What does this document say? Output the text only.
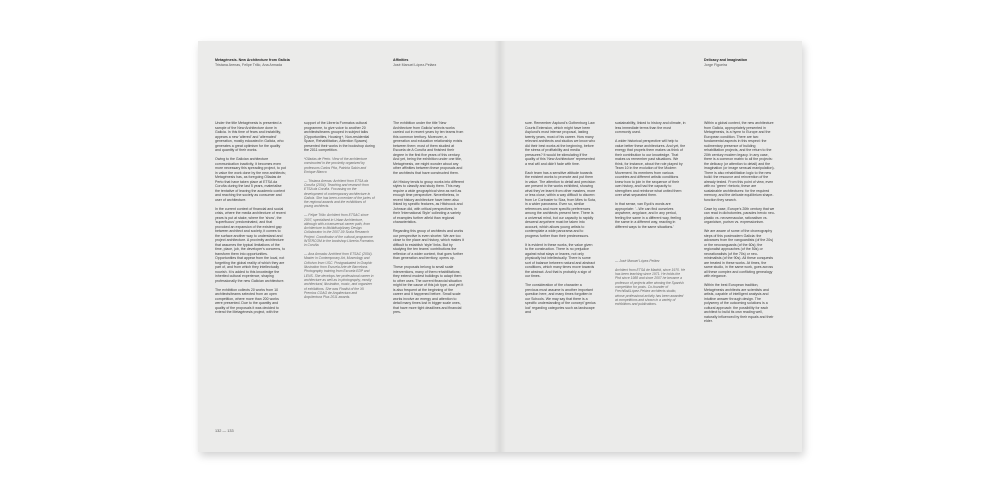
Metagénesis. New Architecture from Galicia
Tristana Arenas, Felipe Trillo, Ana Armada
Affinities
José Manuel López-Peláez
Delicacy and Imagination
Jorge Figueira

Under the title Metagénesis is presented a sample of the New Architecture done in Galicia. In this time of fears and instability, appears a new 'altered' and 'alternated' generation, mostly educated in Galicia, who generates a great optimism for the quality and quantity of their works.

Owing to the Galician architecture communication inactivity, it becomes even more necessary this spreading project, to put in value the work done by the new architects; Metagénesis has, as foregoing Olladas de Perto that have taken place at ETSA da Coruña during the last 5 years, materialise the tentative of leaving the academic context and reaching the society as consumer and user of architecture.

In the current context of financial and social crisis, where the media architecture of recent years is put at stake, where the 'show', the 'superfluous' predominated, and that provoked an expansion of the existent gap between architect and society, it comes to the surface another way to understand and project architecture. A proximity architecture that assumes the typical limitations of the time, place, job, the developer's concerns, to transform them into opportunities. Opportunities that appear from the local, not forgetting the global reality of which they are part of, and from which they intellectually nourish. It is added to this knowledge the inherited cultural experience, shaping professionally the new Galician architecture.

The exhibition collects 20 works from 10 architects/teams selected from an open competition, where more than 200 works were presented. Due to the quantity and quality of the proposals it was decided to extend the Metagénesis project, with the

support of the Librería Formatos cultural programme, to give voice to another 20 architects/teams grouped in subject talks (Opportunities, Housing+, Non-residential Space, Rehabilitation, Attention Spaces) presented their works in the bookshop during the 2011 competition.

*Olladas de Perto. View of the architecture constructed in the proximity organized by professors Carlos Pita, Patricia Sabín and Enrique Blanco

— Tristana Arenas: Architect from ETSA da Coruña (2004). Teaching and research from ETSA da Coruña. Focussing on the development of contemporary architecture in Galicia. She has been a member of the juries of the regional awards and the exhibitions of young architects.

— Felipe Trillo: Architect from ETSAC since 2007, specialised in Urban Architecture, although with a transversal career path, from Architecture to Multidisciplinary Design. Collaborator in the 2007-09 Scala Research Project. Coordinator of the cultural programme INTERCOM in the bookshop Librería Formatos in Coruña.

— Ana Armada: Architect from ETSAC (2004). Master in Contemporary Art, Museology and Criticism from USC. Postgraduated in Graphic Illustration from Escuela Arte de Barcelona. Photography training from Escuela EDP and LENS. She develops her professional career in architecture as well as in photography, mostly architectural, illustration, music, and organizer of exhibitions. She was Finalist of the XII Premios COAG de Arquitectura and Arquitectura Plus 2011 awards.

The exhibition under the title 'New Architecture from Galicia' selects works carried out in recent years by ten teams from this common territory. Moreover, a generation and education relationship exists between them: most of them studied at Escuela de A Coruña and finished their degree in the first five years of this century. And yet, being the exhibition under one title, Metagénesis, we might wonder about any other affinities between these proposals and the architects that have constructed them.

Art History tends to group works into different styles to classify and study them. This may require a wide geographical view as well as enough time perspective. Nevertheless, in recent history architecture have been also linked by specific features, as Hitchcock and Johnson did, with critical perspectives, in their 'International Style' collecting a variety of examples further afield than regional characteristics.

Regarding this group of architects and works our perspective is even shorter. We are too close to the place and history, which makes it difficult to establish 'style' links. But by studying the ten teams' contributions the reflexion of a wider context, that goes further than generation and territory, opens up.

These proposals belong to small scale interventions, many of them rehabilitations; they extend modest buildings to adapt them to other uses. The current financial situation might be the cause of this job type, and yet it is also frequent at the beginning of the career and it happened before. Small scale works involve an energy and attention to detail many times lost in bigger scale ones, that have more tight deadlines and financial pres-

sure. Remember Asplund's Gothenburg Law Courts Extension, which might have been Asplund's most intense proposal, lasting twenty years, most of his career. How many relevant architects and studios we know who did their best works at the beginning, before the stress of profitability and media pressures? It would be stimulating if the quality of this 'New Architecture' represented a real will and didn't fade with time.

Each team has a sensitive attitude towards the existent works to promote and put them in value. The attention to detail and precision are present in the works exhibited, showing what they've learnt from other masters, more or less close, within a way difficult to discern: from Le Corbusier to Siza, from Mies to Sota, in a wider panorama. Even so, similar references and more specific preferences among the architects present here. There is a universal mind, but our capacity to rapidly descend anywhere must be taken into account, which allows young artists to contemplate a wide panorama and to progress further than their predecessors.

It is evident in these works, the value given to the construction. There is no prejudice against what stays or leaves, not only physically but intellectually. There is some sort of balance between natural and abstract conditions, which many times move towards the abstract. And that is probably a sign of our times.

The consideration of the character a previous must assume is another important question here, and many times forgotten in our Schools. We may say that there is a specific understanding of the concept 'genius loci' regarding categories such as landscape and

sustainability, linked to history and climate, in less immediate terms than the most commonly used.

A wider historical perspective will help to value better these architectures. And yet, the energy that propels them makes us think of their contribution to our knowledge. That makes us remember past situations. We think, for instance, about the role played by Team 10 in the evolution of the Modern Movement. Its members from various countries and different artistic conditions knew how to join in the sequence of their own history, and had the capacity to strengthen and reinforce what united them over what separated them.

In that sense, van Eyck's words are appropriate: '...We can find ourselves anywhere, anyplace, and in any period, feeling the same in a different way, feeling the same in a different way, reacting in different ways to the same situations.'

— José Manuel López-Peláez

Architect from ETSA de Madrid, since 1970. He has been teaching since 1971. He holds the Phd since 1988 and since 2007 he became a professor of projects after winning the Spanish competition for posts. Co-founder of Frechilla&López-Peláez architects studio, whose professional activity has been awarded at competitions and shown in a variety of exhibitions and publications.

Within a global context, the new architecture from Galicia, appropriately presented in Metagénesis, is a hymn to Europe and the European condition. There are two fundamental aspects in this respect: the rudimentary presence of building rehabilitation projects, and the return to the 20th century modern legacy. In any case, there is a common matrix to all the projects: the delicacy (or attention to detail) and the imagination (or image sensual manipulation). There is also rehabilitation logic to the new build: the resource and reinvention of the already tested. From this point of view, even with no 'green' rhetoric, these are sustainable architectures: for the required memory, and the delicate equilibrium shape-function they search.

Case by case, Europe's 20th century that we can read in dichotomies, parades heroic neo-plastic vs. neovernacular, rationalism vs. organicism, purism vs. expressionism.

We are aware of some of the choreography steps of this postmodern Galicia: the advances from the vanguardists (of the 20s) or the neovanguards (of the 60s); the regionalist approaches (of the 50s) or neorationalists (of the 70s) or neo-minimalists (of the 90s). All these conquests are treated in these works. At times, the same studio, in the same work, goes across all these complex and conflicting genealogy with elegance.

Within the best European tradition, Metagénesis architects are scientists and artists, capable of intelligent analysis and intuitive answer through design. The polysemy of the outcoming solutions is a cultural approach: the possibility for each architect to build its own reading well, naturally influenced by their equals and their elder.

132 — 133
